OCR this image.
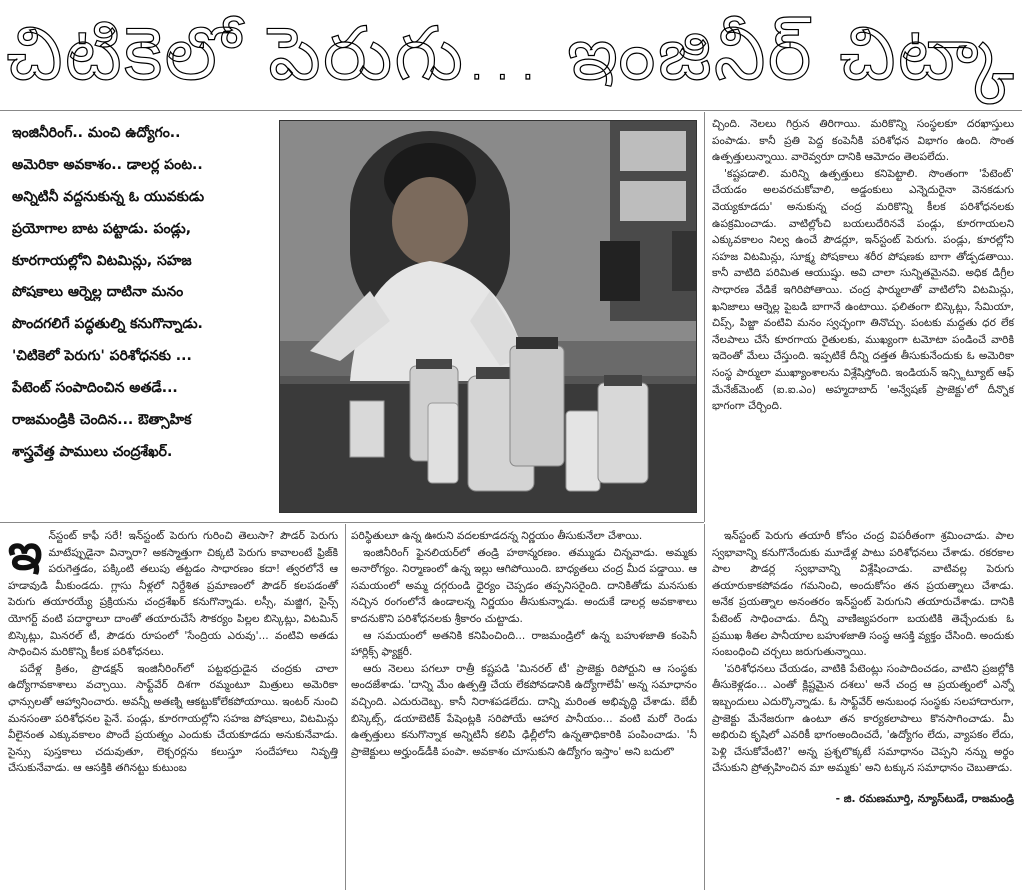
చిటికెలో పెరుగు... ఇంజినీర్ చిట్కా

ఇంజినీరింగ్.. మంచి ఉద్యోగం..

అమెరికా అవకాశం.. డాలర్ల పంట..

అన్నిటినీ వద్దనుకున్న ఓ యువకుడు

ప్రయోగాల బాట పట్టాడు. పండ్లు,

కూరగాయల్లోని విటమిన్లు, సహజ

పోషకాలు ఆర్నెల్ల దాటినా మనం

పొందగలిగే పద్ధతుల్ని కనుగొన్నాడు.

'చిటికెలో పెరుగు' పరిశోధనకు ...

పేటెంట్ సంపాదించిన అతడే...

రాజమండ్రికి చెందిన... ఔత్సాహిక

శాస్త్రవేత్త పాములు చంద్రశేఖర్.

ఇ న్‌స్టంట్ కాఫీ సరే! ఇన్‌స్టంట్ పెరుగు గురించి తెలుసా? పౌడర్ పెరుగు మాటేప్పుడైనా విన్నారా? అకస్మాత్తుగా చిక్కటి పెరుగు కావాలంటే ఫ్రిజ్‌కి పరుగెత్తడం, పక్కింటి తలుపు తట్టడం సాధారణం కదా! త్వరలోనే ఆ హడావుడి మీకుండదు. గ్లాసు నీళ్లలో నిర్దేశిత ప్రమాణంలో పౌడర్ కలపడంతో పెరుగు తయారయ్యే ప్రక్రియను చంద్రశేఖర్ కనుగొన్నాడు. లస్సీ, మజ్జిగ, సైన్స్ యోగర్ట్ వంటి పదార్థాలూ దాంతో తయారుచేసే సౌకర్యం పిల్లల బిస్కెట్లు, విటమిన్ బిస్కెట్లు, మినరల్ టీ, పౌడరు రూపంలో 'సేంద్రియ ఎరువు'... వంటివి అతడు సాధించిన మరికొన్ని కీలక పరిశోధనలు.

పదేళ్ల క్రితం, ప్రొడక్షన్ ఇంజినీరింగ్‌లో పట్టభద్రుడైన చంద్రకు చాలా ఉద్యోగావకాశాలు వచ్చాయి. సాఫ్ట్‌వేర్ దిశగా రమ్మంటూ మిత్రులు అమెరికా ఛాన్సులతో ఆహ్వానించారు. అవన్నీ అతణ్ని ఆకట్టుకోలేకపోయాయి. ఇంటర్ నుంచి మనసంతా పరిశోధనల పైనే. పండ్లు, కూరగాయల్లోని సహజ పోషకాలు, విటమిన్లు వీలైనంత ఎక్కువకాలం పొందే ప్రయత్నం ఎందుకు చేయకూడదు అనుకునేవాడు. సైన్సు పుస్తకాలు చదువుతూ, లెక్చరర్లను కలుస్తూ సందేహాలు నివృత్తి చేసుకునేవాడు. ఆ ఆసక్తికి తగినట్టు కుటుంబ

పరిస్థితులూ ఉన్న ఊరుని వదలకూడదన్న నిర్ణయం తీసుకునేలా చేశాయి.

ఇంజినీరింగ్ ఫైనలియర్‌లో తండ్రి హఠాన్మరణం. తమ్ముడు చిన్నవాడు. అమ్మకు అనారోగ్యం. నిర్మాణంలో ఉన్న ఇల్లు ఆగిపోయింది. బాధ్యతలు చంద్ర మీద పడ్డాయి. ఆ సమయంలో అమ్మ దగ్గరుండి ధైర్యం చెప్పడం తప్పనిసరైంది. దానికితోడు మనసుకు నచ్చిన రంగంలోనే ఉండాలన్న నిర్ణయం తీసుకున్నాడు. అందుకే డాలర్ల అవకాశాలు కాదనుకొని పరిశోధనలకు శ్రీకారం చుట్టాడు.

ఆ సమయంలో అతనికి కనిపించింది... రాజమండ్రిలో ఉన్న బహుళజాతి కంపెనీ హార్లిక్స్ ఫ్యాక్టరీ.

ఆరు నెలలు పగలూ రాత్రీ కష్టపడి 'మినరల్ టీ' ప్రాజెక్టు రిపోర్టుని ఆ సంస్థకు అందజేశాడు. 'దాన్ని మేం ఉత్పత్తి చేయ లేకపోవడానికి ఉద్యోగాలేవీ' అన్న సమాధానం వచ్చింది. ఎదురుదెబ్బ. కానీ నిరాశపడలేదు. దాన్ని మరింత అభివృద్ధి చేశాడు. బేబీ బిస్కెట్స్, డయాబెటిక్ పేషెంట్లకి సరిపోయే ఆహార పానీయం... వంటి మరో రెండు ఉత్పత్తులు కనుగొన్నాక అన్నిటినీ కలిపి ఢిల్లీలోని ఉన్నతాధికారికి పంపించాడు. 'నీ ప్రాజెక్టులు అర్హుండ్‌డీకి పంపా. అవకాశం చూసుకుని ఉద్యోగం ఇస్తాం' అని బదులొ

చ్చింది. నెలలు గిర్రున తిరిగాయి. మరికొన్ని సంస్థలకూ దరఖాస్తులు పంపాడు. కానీ ప్రతి పెద్ద కంపెనీకి పరిశోధన విభాగం ఉంది. సొంత ఉత్పత్తులున్నాయి. వారెవ్వరూ దానికి ఆమోదం తెలపలేదు.

'కష్టపడాలి. మరిన్ని ఉత్పత్తులు కనిపెట్టాలి. సొంతంగా 'పేటెంట్' చేయడం అలవరచుకోవాలి, అడ్డంకులు ఎన్నెదురైనా వెనకడుగు వెయ్యకూడదు' అనుకున్న చంద్ర మరికొన్ని కీలక పరిశోధనలకు ఉపక్రమించాడు. వాటిల్లోంచి బయలుదేరినవే పండ్లు, కూరగాయలని ఎక్కువకాలం నిల్వ ఉంచే పౌడర్లూ, ఇన్‌స్టంట్ పెరుగు. పండ్లు, కూరల్లోని సహజ విటమిన్లు, సూక్ష్మ పోషకాలు శరీర పోషణకు బాగా తోడ్పడతాయి. కానీ వాటిది పరిమిత ఆయుష్షు. అవి చాలా సున్నితమైనవి. అధిక డిగ్రీల సాధారణ వేడికే ఇగిరిపోతాయి. చంద్ర ఫార్ములాతో వాటిలోని విటమిన్లు, ఖనిజాలు ఆర్నెల్ల పైబడి బాగానే ఉంటాయి. ఫలితంగా బిస్కెట్లు, సేమియా, చిప్స్, పిజ్జా వంటివి మనం స్వచ్ఛంగా తినొచ్చు. పంటకు మద్దతు ధర లేక నేలపాలు చేసే కూరగాయ రైతులకు, ముఖ్యంగా టమోటా పండించే వారికి ఇదెంతో మేలు చేస్తుంది. ఇప్పటికే దీన్ని దత్తత తీసుకునేందుకు ఓ అమెరికా సంస్థ పార్ములా ముఖ్యాంశాలను విశ్లేషిస్తోంది. ఇండియన్ ఇన్స్టిట్యూట్ ఆఫ్ మేనేజ్‌మెంట్ (ఐ.ఐ.ఎం) అహ్మదాబాద్ 'అన్వేషణ్ ప్రాజెక్టు'లో దీన్నొక భాగంగా చేర్చింది.

ఇన్‌స్టంట్ పెరుగు తయారీ కోసం చంద్ర విపరీతంగా శ్రమించాడు. పాల స్వభావాన్ని కనుగొనేందుకు మూడేళ్ల పాటు పరిశోధనలు చేశాడు. రకరకాల పాల పౌడర్ల స్వభావాన్ని విశ్లేషించాడు. వాటివల్ల పెరుగు తయారుకాకపోవడం గమనించి, అందుకోసం తన ప్రయత్నాలు చేశాడు. అనేక ప్రయత్నాల అనంతరం ఇన్‌స్టంట్ పెరుగుని తయారుచేశాడు. దానికి పేటెంట్ సాధించాడు. దీన్ని వాణిజ్యపరంగా బయటికి తెచ్చేందుకు ఓ ప్రముఖ శీతల పానీయాల బహుళజాతి సంస్థ ఆసక్తి వ్యక్తం చేసింది. అందుకు సంబంధించి చర్చలు జరుగుతున్నాయి.

'పరిశోధనలు చేయడం, వాటికి పేటెంట్లు సంపాదించడం, వాటిని ప్రజల్లోకి తీసుకెళ్లడం... ఎంతో క్లిష్టమైన దశలు' అనే చంద్ర ఆ ప్రయత్నంలో ఎన్నో ఇబ్బందులు ఎదుర్కొన్నాడు. ఓ సాఫ్ట్‌వేర్ అనుబంధ సంస్థకు సలహాదారుగా, ప్రాజెక్టు మేనేజరుగా ఉంటూ తన కార్యకలాపాలు కొనసాగించాడు. మీ అభిరుచి కృషిలో ఎవరికీ భాగంఅందించదే, 'ఉద్యోగం లేదు, వ్యాపకం లేదు, పెళ్లి చేసుకోవేంటి?' అన్న ప్రశ్నలొక్కటే సమాధానం చెప్పని నన్ను అర్థం చేసుకుని ప్రోత్సహించిన మా అమ్మకు' అని టక్కున సమాధానం చెబుతాడు.

- జి. రమణమూర్తి, న్యూస్‌టుడే, రాజమండ్రి
